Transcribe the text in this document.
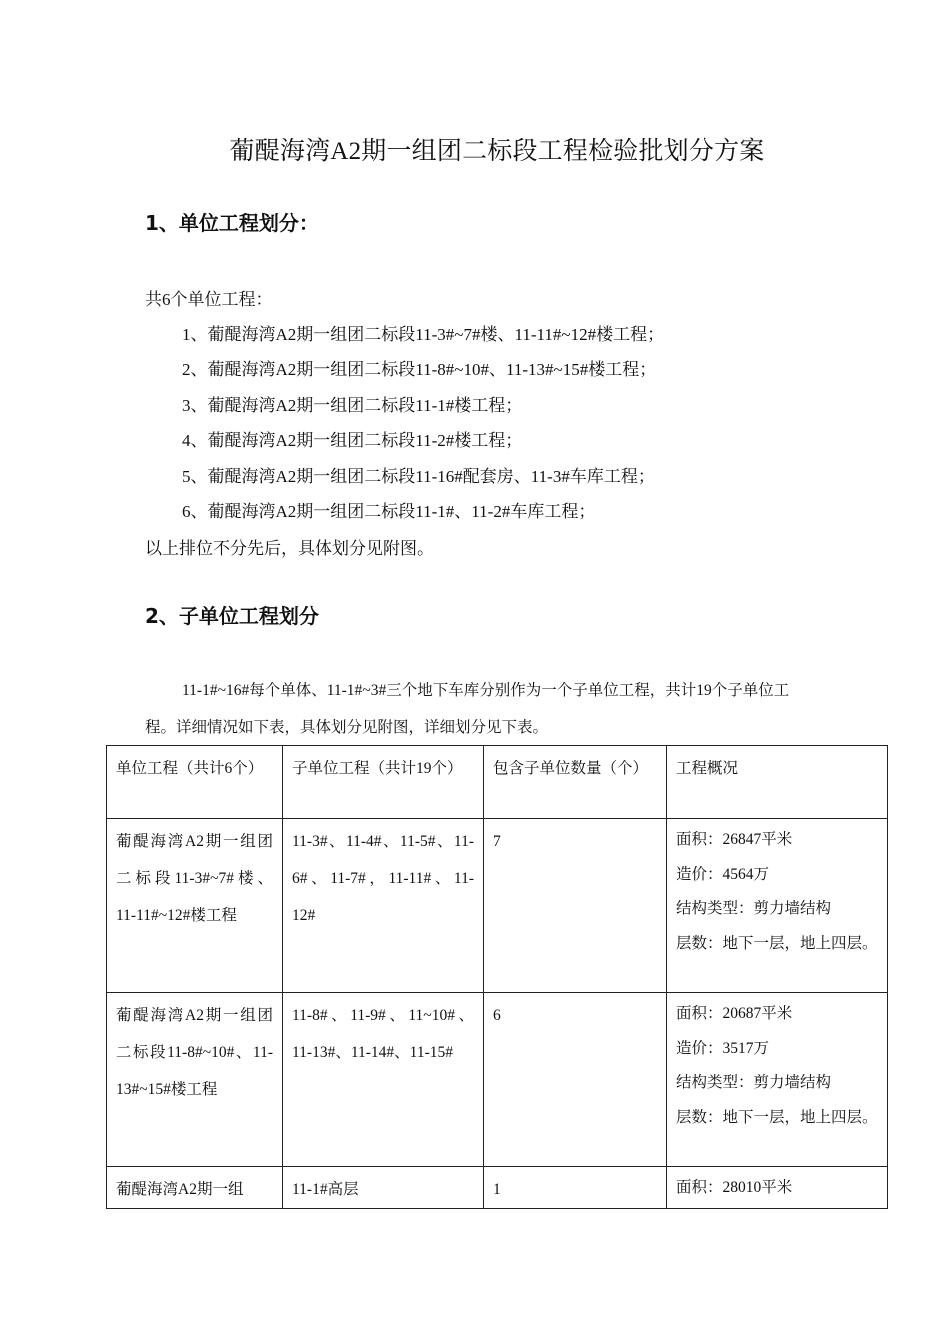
葡醍海湾A2期一组团二标段工程检验批划分方案
1、单位工程划分：
共6个单位工程：
1、葡醍海湾A2期一组团二标段11-3#~7#楼、11-11#~12#楼工程；
2、葡醍海湾A2期一组团二标段11-8#~10#、11-13#~15#楼工程；
3、葡醍海湾A2期一组团二标段11-1#楼工程；
4、葡醍海湾A2期一组团二标段11-2#楼工程；
5、葡醍海湾A2期一组团二标段11-16#配套房、11-3#车库工程；
6、葡醍海湾A2期一组团二标段11-1#、11-2#车库工程；
以上排位不分先后，具体划分见附图。
2、子单位工程划分
11-1#~16#每个单体、11-1#~3#三个地下车库分别作为一个子单位工程，共计19个子单位工
程。详细情况如下表，具体划分见附图，详细划分见下表。
单位工程（共计6个）	子单位工程（共计19个）	包含子单位数量（个）	工程概况
葡醍海湾A2期一组团二标段11-3#~7#楼、11-11#~12#楼工程	11-3#、11-4#、11-5#、11-6#、11-7#，11-11#、11-12#	7	面积：26847平米
造价：4564万
结构类型：剪力墙结构
层数：地下一层，地上四层。

葡醍海湾A2期一组团二标段11-8#~10#、11-13#~15#楼工程	11-8#、11-9#、11~10#、11-13#、11-14#、11-15#	6	面积：20687平米
造价：3517万
结构类型：剪力墙结构
层数：地下一层，地上四层。

葡醍海湾A2期一组	11-1#高层	1	面积：28010平米
